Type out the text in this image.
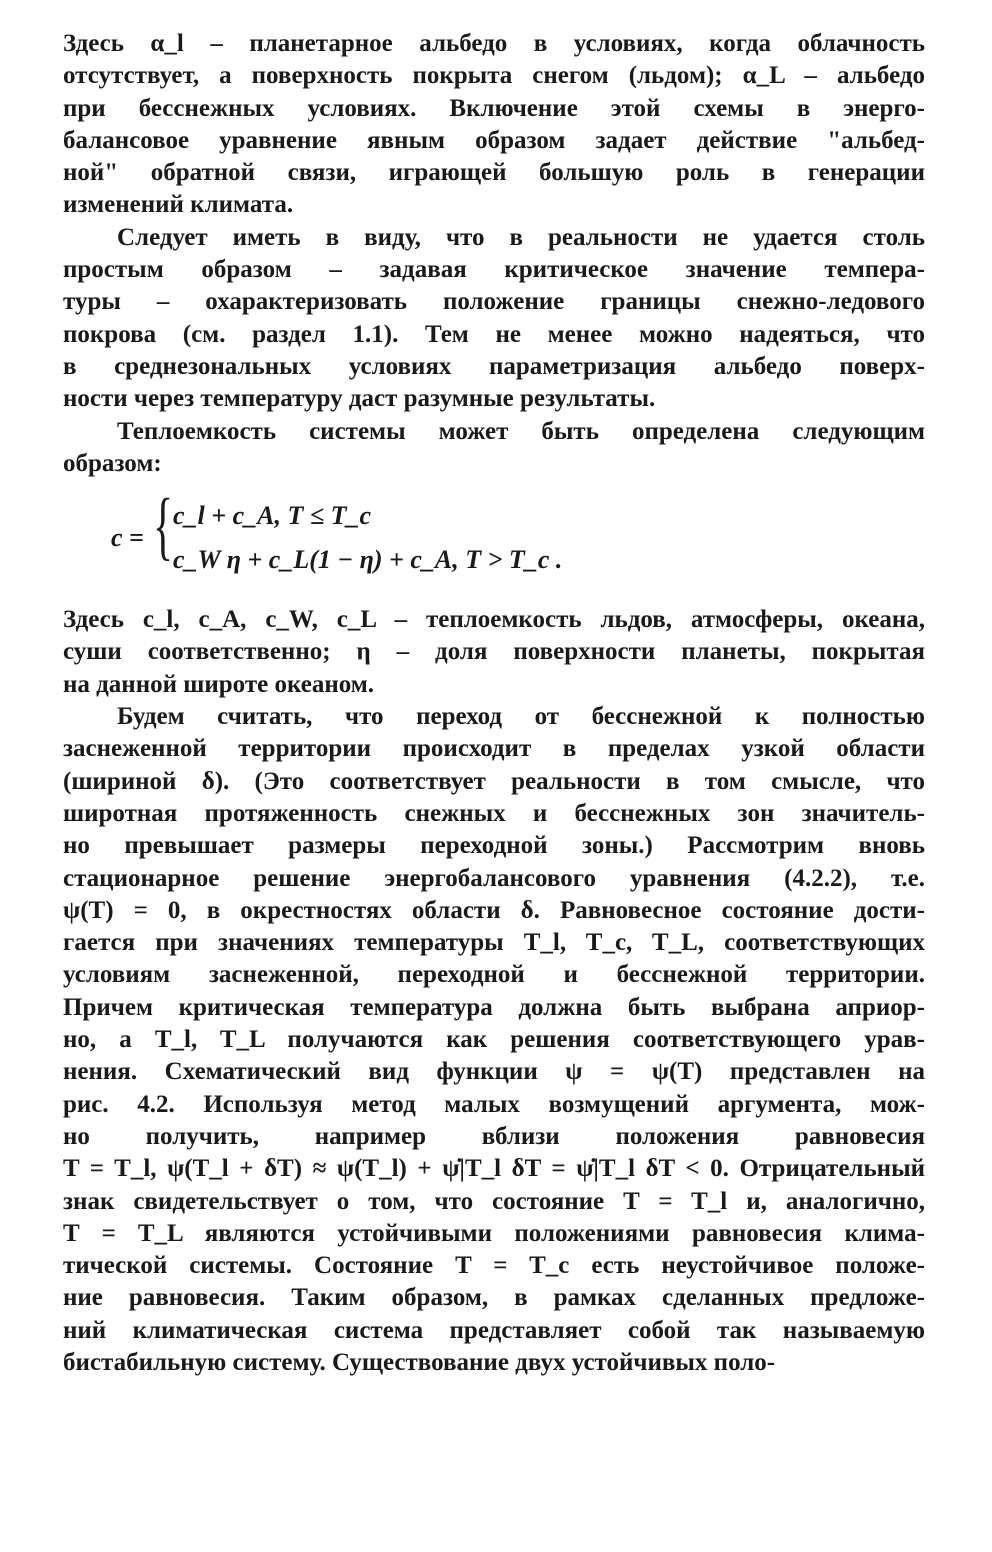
Здесь α_l – планетарное альбедо в условиях, когда облачность
отсутствует, а поверхность покрыта снегом (льдом); α_L – альбедо
при бесснежных условиях. Включение этой схемы в энерго-
балансовое уравнение явным образом задает действие "альбед-
ной" обратной связи, играющей большую роль в генерации
изменений климата.

Следует иметь в виду, что в реальности не удается столь
простым образом – задавая критическое значение темпера-
туры – охарактеризовать положение границы снежно-ледового
покрова (см. раздел 1.1). Тем не менее можно надеяться, что
в среднезональных условиях параметризация альбедо поверх-
ности через температуру даст разумные результаты.

Теплоемкость системы может быть определена следующим
образом:

c = { c_l + c_A, T ≤ T_c
c_W η + c_L(1 − η) + c_A, T > T_c .

Здесь c_l, c_A, c_W, c_L – теплоемкость льдов, атмосферы, океана,
суши соответственно; η – доля поверхности планеты, покрытая
на данной широте океаном.

Будем считать, что переход от бесснежной к полностью
заснеженной территории происходит в пределах узкой области
(шириной δ). (Это соответствует реальности в том смысле, что
широтная протяженность снежных и бесснежных зон значитель-
но превышает размеры переходной зоны.) Рассмотрим вновь
стационарное решение энергобалансового уравнения (4.2.2), т.е.
ψ(T) = 0, в окрестностях области δ. Равновесное состояние дости-
гается при значениях температуры T_l, T_c, T_L, соответствующих
условиям заснеженной, переходной и бесснежной территории.
Причем критическая температура должна быть выбрана априор-
но, а T_l, T_L получаются как решения соответствующего урав-
нения. Схематический вид функции ψ = ψ(T) представлен на
рис. 4.2. Используя метод малых возмущений аргумента, мож-
но получить, например вблизи положения равновесия
T = T_l, ψ(T_l + δT) ≈ ψ(T_l) + ψ̇|T_l δT = ψ̇|T_l δT < 0. Отрицательный
знак свидетельствует о том, что состояние T = T_l и, аналогично,
T = T_L являются устойчивыми положениями равновесия клима-
тической системы. Состояние T = T_c есть неустойчивое положе-
ние равновесия. Таким образом, в рамках сделанных предложе-
ний климатическая система представляет собой так называемую
бистабильную систему. Существование двух устойчивых поло-
